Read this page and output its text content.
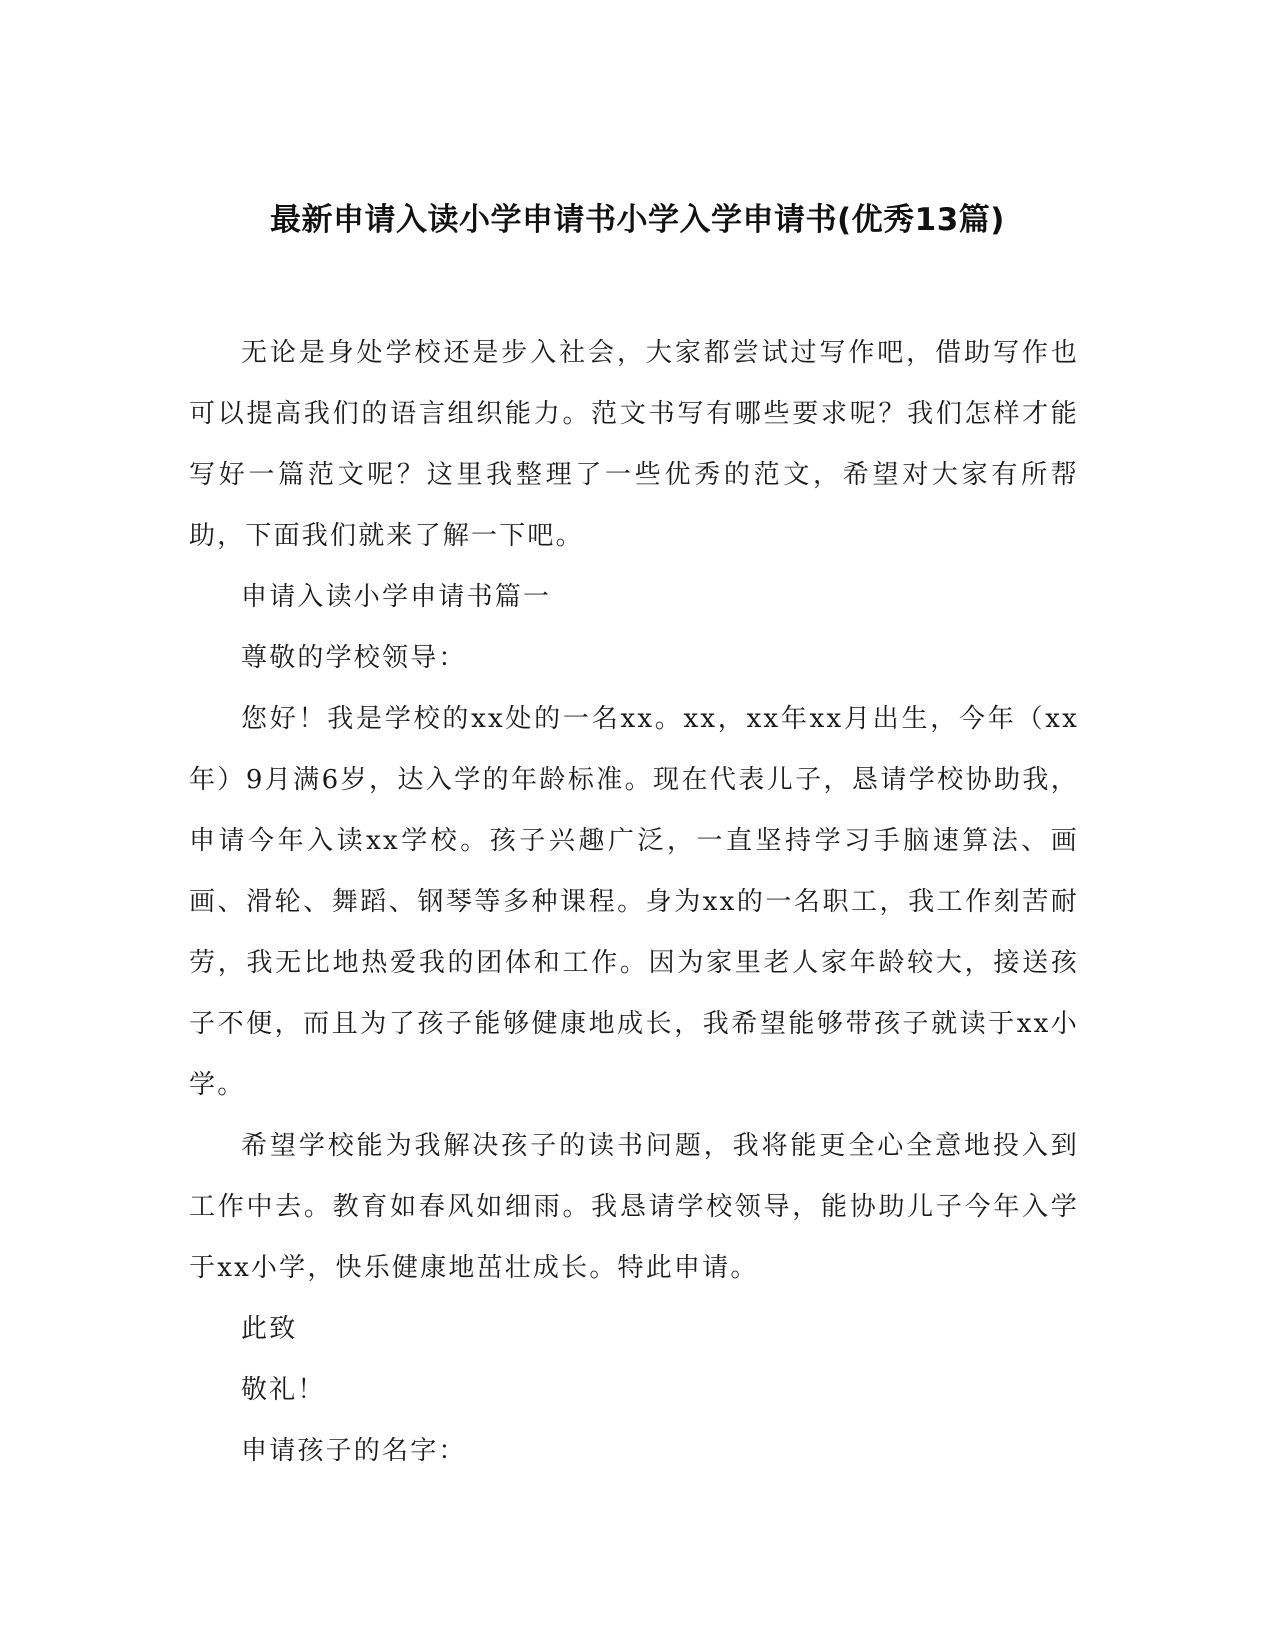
最新申请入读小学申请书小学入学申请书(优秀13篇)

无论是身处学校还是步入社会，大家都尝试过写作吧，借助写作也可以提高我们的语言组织能力。范文书写有哪些要求呢？我们怎样才能写好一篇范文呢？这里我整理了一些优秀的范文，希望对大家有所帮助，下面我们就来了解一下吧。

申请入读小学申请书篇一

尊敬的学校领导：

您好！我是学校的xx处的一名xx。xx，xx年xx月出生，今年（xx年）9月满6岁，达入学的年龄标准。现在代表儿子，恳请学校协助我，申请今年入读xx学校。孩子兴趣广泛，一直坚持学习手脑速算法、画画、滑轮、舞蹈、钢琴等多种课程。身为xx的一名职工，我工作刻苦耐劳，我无比地热爱我的团体和工作。因为家里老人家年龄较大，接送孩子不便，而且为了孩子能够健康地成长，我希望能够带孩子就读于xx小学。

希望学校能为我解决孩子的读书问题，我将能更全心全意地投入到工作中去。教育如春风如细雨。我恳请学校领导，能协助儿子今年入学于xx小学，快乐健康地茁壮成长。特此申请。

此致

敬礼！

申请孩子的名字：
